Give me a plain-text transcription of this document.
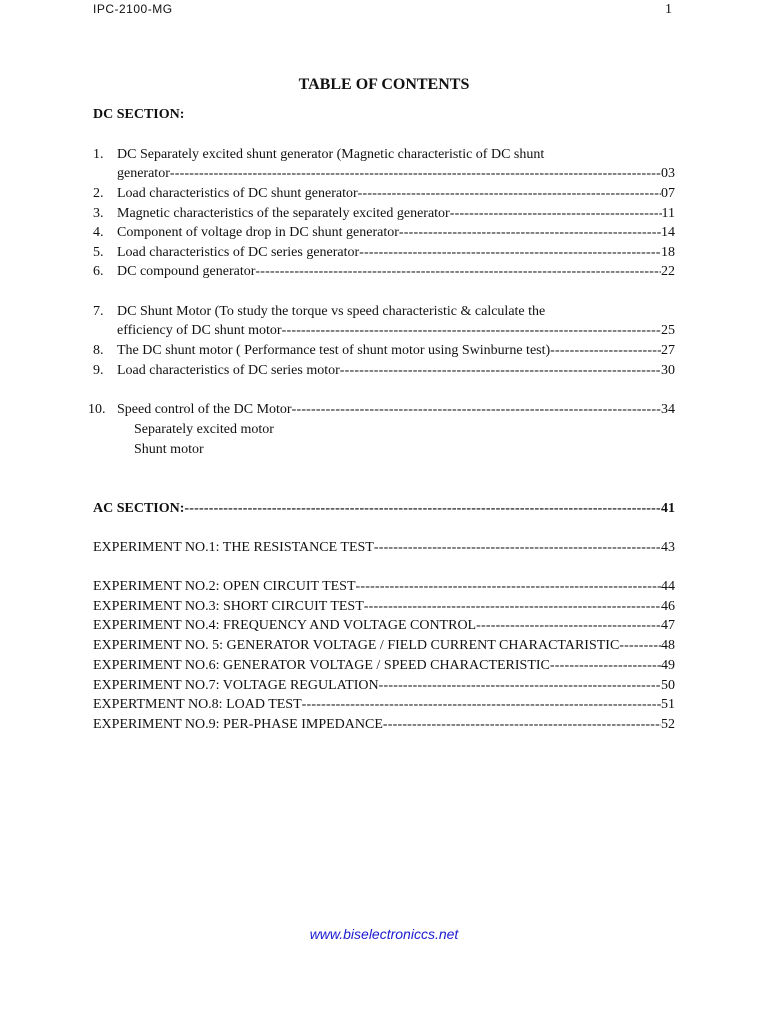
IPC-2100-MG	1
TABLE OF CONTENTS
DC SECTION:
1. DC Separately excited shunt generator (Magnetic characteristic of DC shunt
generator -----	03
2. Load characteristics of DC shunt generator -----	07
3. Magnetic characteristics of the separately excited generator -----	11
4. Component of voltage drop in DC shunt generator -----	14
5. Load characteristics of DC series generator -----	18
6. DC compound generator -----	22
7. DC Shunt Motor (To study the torque vs speed characteristic & calculate the
efficiency of DC shunt motor -----	25
8. The DC shunt motor ( Performance test of shunt motor using Swinburne test) -----	27
9. Load characteristics of DC series motor -----	30
10. Speed control of the DC Motor -----	34
Separately excited motor
Shunt motor
AC SECTION: -----	41
EXPERIMENT NO.1: THE RESISTANCE TEST -----	43
EXPERIMENT NO.2: OPEN CIRCUIT TEST -----	44
EXPERIMENT NO.3: SHORT CIRCUIT TEST -----	46
EXPERIMENT NO.4: FREQUENCY AND VOLTAGE CONTROL -----	47
EXPERIMENT NO. 5: GENERATOR VOLTAGE / FIELD CURRENT CHARACTARISTIC -----	48
EXPERIMENT NO.6: GENERATOR VOLTAGE / SPEED CHARACTERISTIC -----	49
EXPERIMENT NO.7: VOLTAGE REGULATION -----	50
EXPERTMENT NO.8: LOAD TEST -----	51
EXPERIMENT NO.9: PER-PHASE IMPEDANCE -----	52
www.biselectroniccs.net
